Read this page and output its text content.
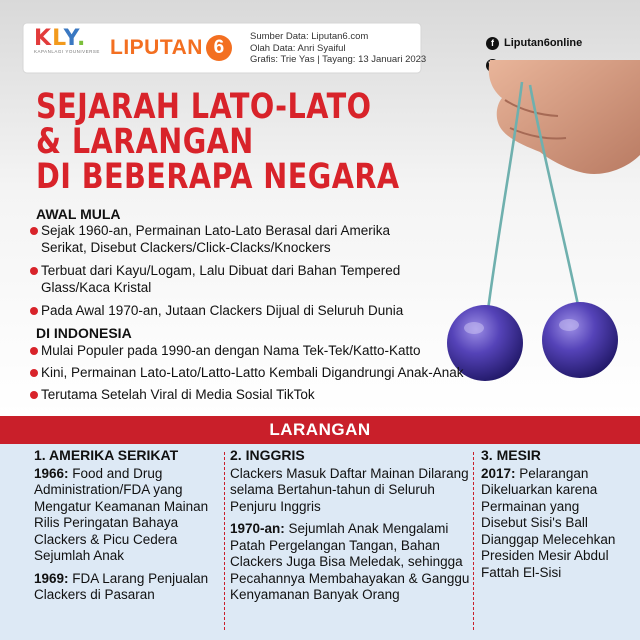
KLY.
KAPANLAGI YOUNIVERSE LIPUTAN 6
Sumber Data: Liputan6.com
Olah Data: Anri Syaiful
Grafis: Trie Yas | Tayang: 13 Januari 2023
f Liputan6online
SEJARAH LATO-LATO
& LARANGAN
DI BEBERAPA NEGARA
AWAL MULA
Sejak 1960-an, Permainan Lato-Lato Berasal dari Amerika Serikat, Disebut Clackers/Click-Clacks/Knockers
Terbuat dari Kayu/Logam, Lalu Dibuat dari Bahan Tempered Glass/Kaca Kristal
Pada Awal 1970-an, Jutaan Clackers Dijual di Seluruh Dunia
DI INDONESIA
Mulai Populer pada 1990-an dengan Nama Tek-Tek/Katto-Katto
Kini, Permainan Lato-Lato/Latto-Latto Kembali Digandrungi Anak-Anak
Terutama Setelah Viral di Media Sosial TikTok
LARANGAN
1. AMERIKA SERIKAT

1966: Food and Drug Administration/FDA yang Mengatur Keamanan Mainan Rilis Peringatan Bahaya Clackers & Picu Cedera Sejumlah Anak

1969: FDA Larang Penjualan Clackers di Pasaran

2. INGGRIS

Clackers Masuk Daftar Mainan Dilarang selama Bertahun-tahun di Seluruh Penjuru Inggris

1970-an: Sejumlah Anak Mengalami Patah Pergelangan Tangan, Bahan Clackers Juga Bisa Meledak, sehingga Pecahannya Membahayakan & Ganggu Kenyamanan Banyak Orang

3. MESIR

2017: Pelarangan Dikeluarkan karena Permainan yang Disebut Sisi's Ball Dianggap Melecehkan Presiden Mesir Abdul Fattah El-Sisi
